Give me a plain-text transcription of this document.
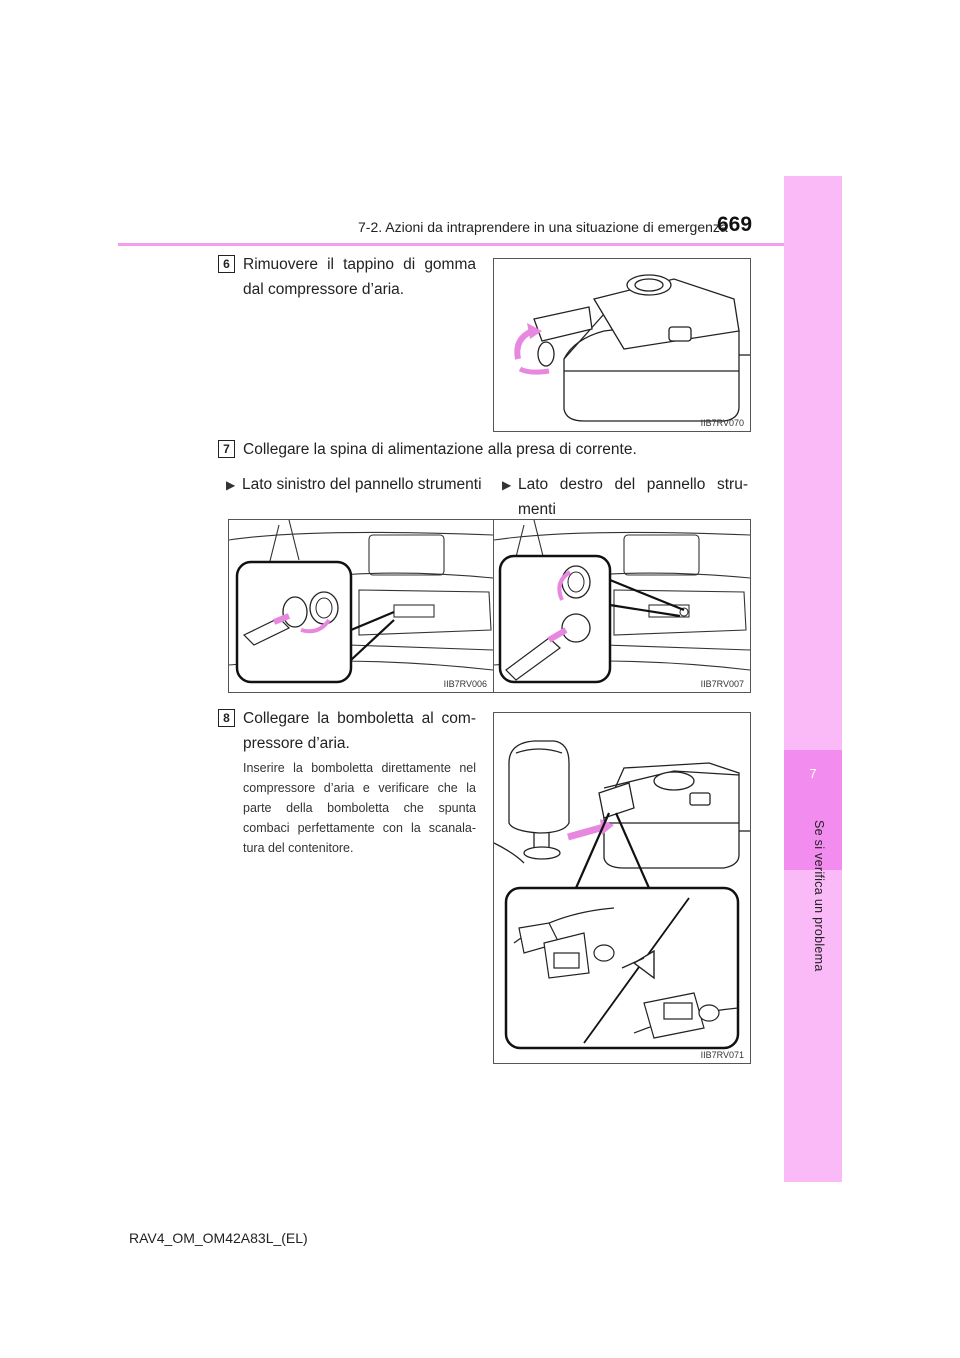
7-2. Azioni da intraprendere in una situazione di emergenza
669
7
Se si verifica un problema
6 Rimuovere il tappino di gomma dal compressore d’aria.
IIB7RV070
7 Collegare la spina di alimentazione alla presa di corrente.
▶ Lato sinistro del pannello strumenti	▶ Lato destro del pannello stru-menti
IIB7RV006	IIB7RV007
8 Collegare la bomboletta al com-pressore d’aria.
Inserire la bomboletta direttamente nel compressore d’aria e verificare che la parte della bomboletta che spunta combaci perfettamente con la scanala-tura del contenitore.
IIB7RV071
RAV4_OM_OM42A83L_(EL)
